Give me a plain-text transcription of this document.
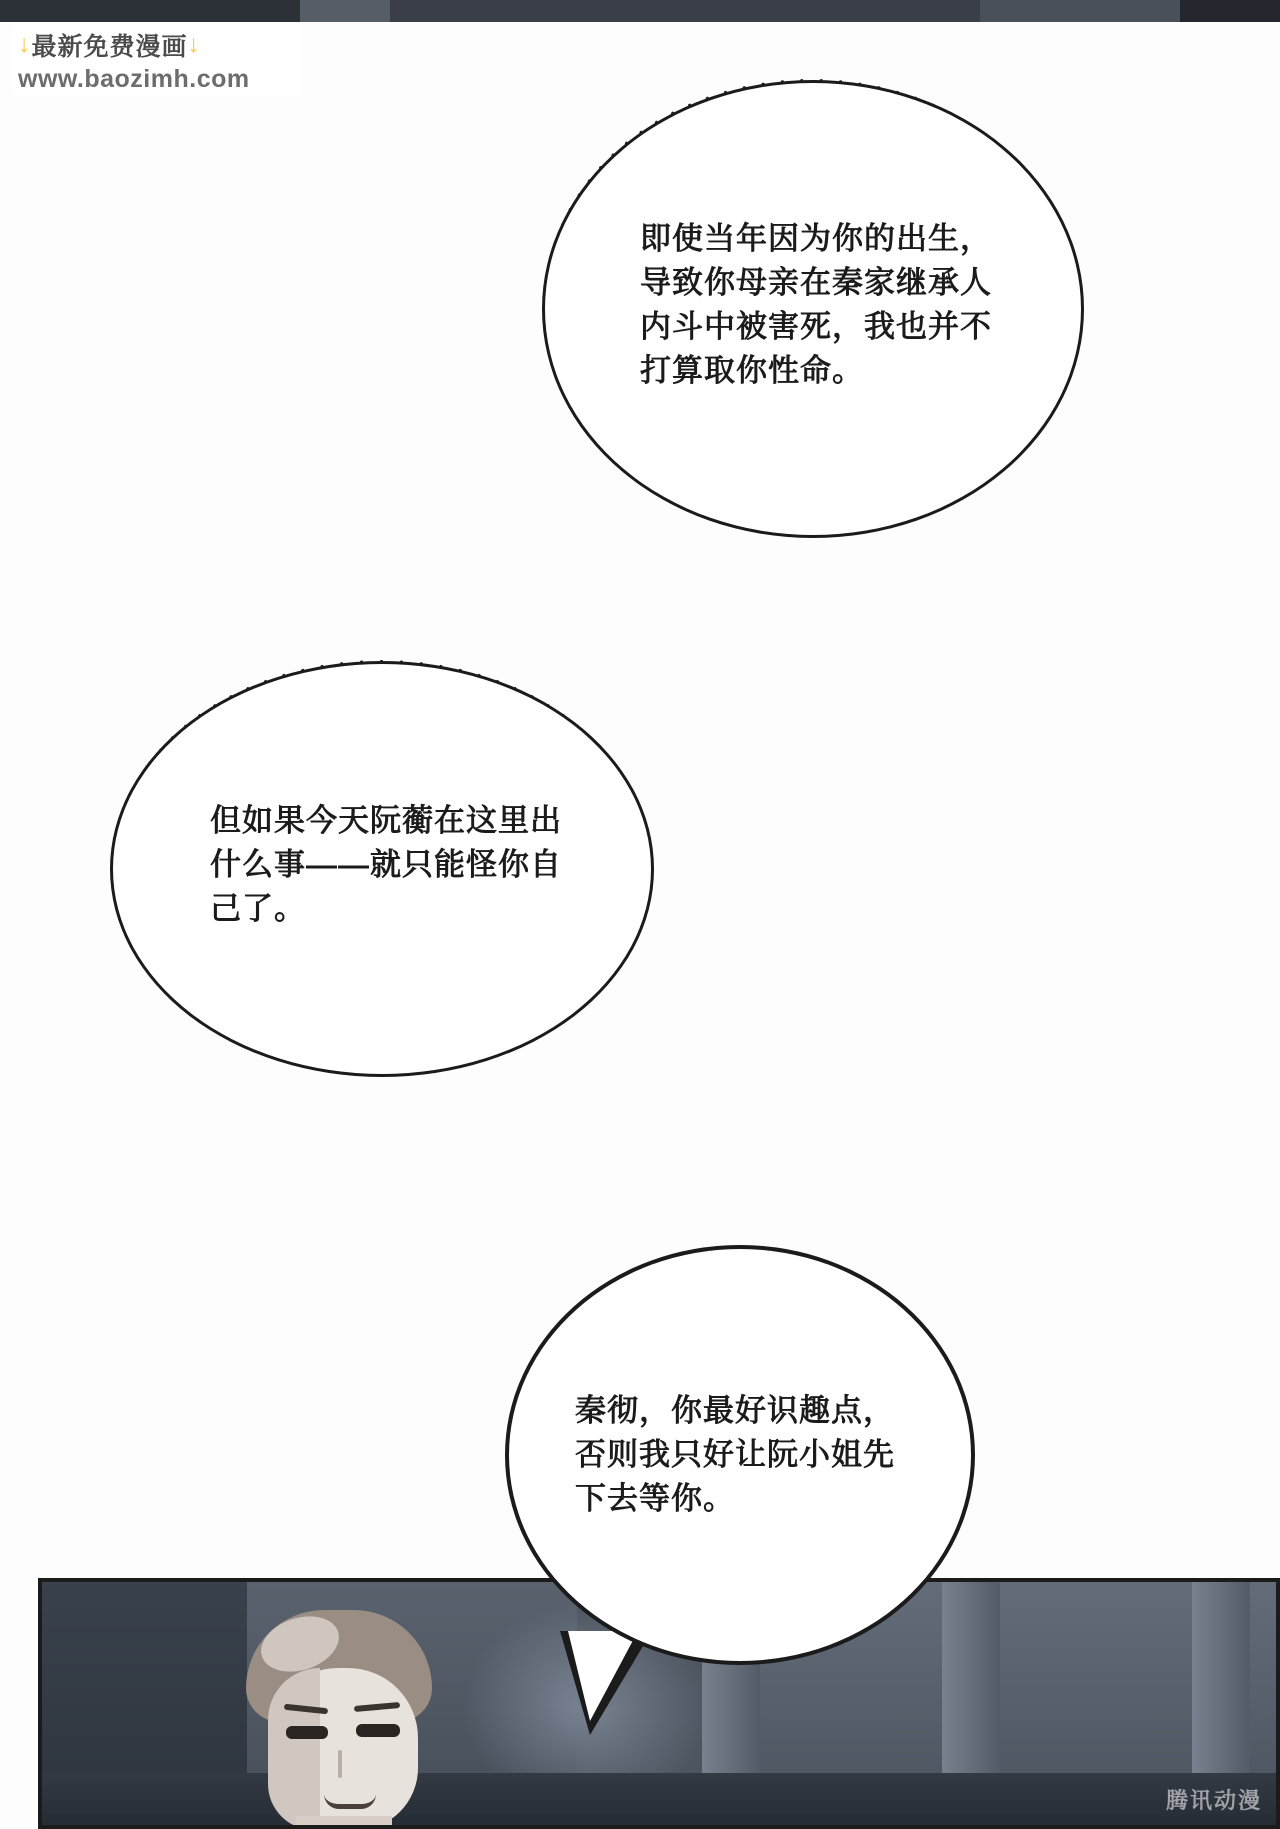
↓ 最新免费漫画 ↓
www.baozimh.com
即使当年因为你的出生，导致你母亲在秦家继承人内斗中被害死，我也并不打算取你性命。
但如果今天阮蘅在这里出什么事——就只能怪你自己了。
秦彻，你最好识趣点，否则我只好让阮小姐先下去等你。
腾讯动漫
